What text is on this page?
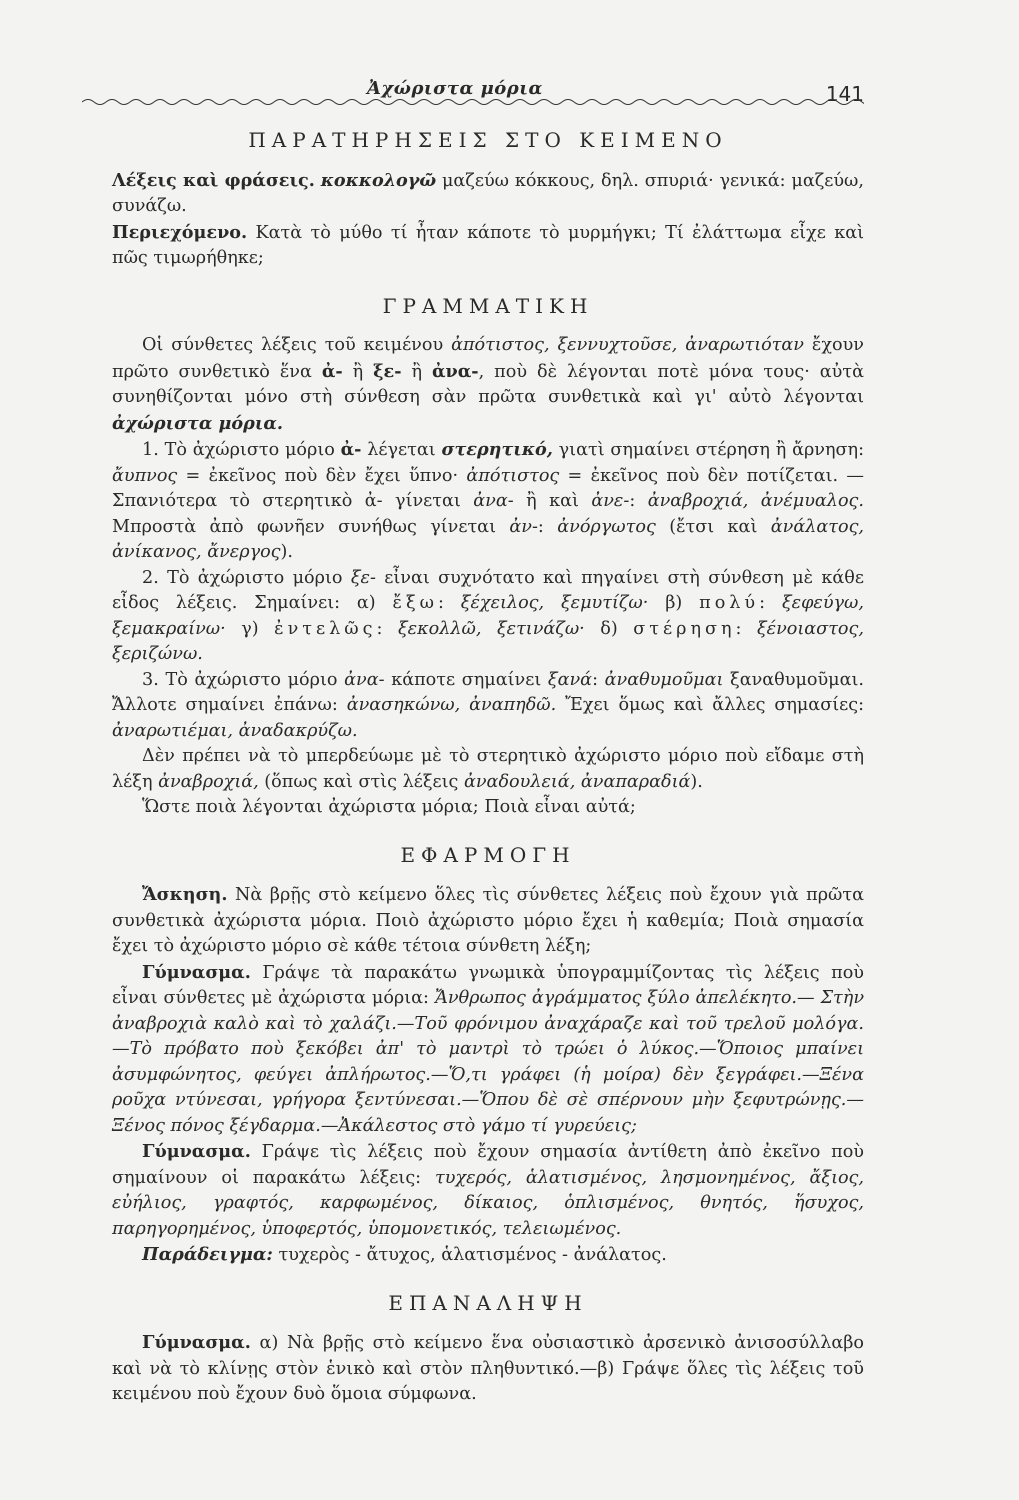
Ἀχώριστα μόρια	141
ΠΑΡΑΤΗΡΗΣΕΙΣ ΣΤΟ ΚΕΙΜΕΝΟ

Λέξεις καὶ φράσεις. κοκκολογῶ μαζεύω κόκκους, δηλ. σπυριά· γενικά: μαζεύω, συνάζω.

Περιεχόμενο. Κατὰ τὸ μύθο τί ἦταν κάποτε τὸ μυρμήγκι; Τί ἐλάττωμα εἶχε καὶ πῶς τιμωρήθηκε;

ΓΡΑΜΜΑΤΙΚΗ

Οἱ σύνθετες λέξεις τοῦ κειμένου ἀπότιστος, ξεννυχτοῦσε, ἀναρωτιόταν ἔχουν πρῶτο συνθετικὸ ἕνα ἀ- ἢ ξε- ἢ ἀνα-, ποὺ δὲ λέγονται ποτὲ μόνα τους· αὐτὰ συνηθίζονται μόνο στὴ σύνθεση σὰν πρῶτα συνθετικὰ καὶ γι' αὐτὸ λέγονται ἀχώριστα μόρια.

1. Τὸ ἀχώριστο μόριο ἀ- λέγεται στερητικό, γιατὶ σημαίνει στέρηση ἢ ἄρνηση: ἄυπνος = ἐκεῖνος ποὺ δὲν ἔχει ὕπνο· ἀπότιστος = ἐκεῖνος ποὺ δὲν ποτίζεται. — Σπανιότερα τὸ στερητικὸ ἀ- γίνεται ἀνα- ἢ καὶ ἀνε-: ἀναβροχιά, ἀνέμυαλος. Μπροστὰ ἀπὸ φωνῆεν συνήθως γίνεται ἀν-: ἀνόργωτος (ἔτσι καὶ ἀνάλατος, ἀνίκανος, ἄνεργος).

2. Τὸ ἀχώριστο μόριο ξε- εἶναι συχνότατο καὶ πηγαίνει στὴ σύνθεση μὲ κάθε εἶδος λέξεις. Σημαίνει: α) ἔξω: ξέχειλος, ξεμυτίζω· β) πολύ: ξεφεύγω, ξεμακραίνω· γ) ἐντελῶς: ξεκολλῶ, ξετινάζω· δ) στέρηση: ξένοιαστος, ξεριζώνω.

3. Τὸ ἀχώριστο μόριο ἀνα- κάποτε σημαίνει ξανά: ἀναθυμοῦμαι ξαναθυμοῦμαι. Ἄλλοτε σημαίνει ἐπάνω: ἀνασηκώνω, ἀναπηδῶ. Ἔχει ὅμως καὶ ἄλλες σημασίες: ἀναρωτιέμαι, ἀναδακρύζω.

Δὲν πρέπει νὰ τὸ μπερδεύωμε μὲ τὸ στερητικὸ ἀχώριστο μόριο ποὺ εἴδαμε στὴ λέξη ἀναβροχιά, (ὅπως καὶ στὶς λέξεις ἀναδουλειά, ἀναπαραδιά).

Ὥστε ποιὰ λέγονται ἀχώριστα μόρια; Ποιὰ εἶναι αὐτά;

ΕΦΑΡΜΟΓΗ

Ἄσκηση. Νὰ βρῇς στὸ κείμενο ὅλες τὶς σύνθετες λέξεις ποὺ ἔχουν γιὰ πρῶτα συνθετικὰ ἀχώριστα μόρια. Ποιὸ ἀχώριστο μόριο ἔχει ἡ καθεμία; Ποιὰ σημασία ἔχει τὸ ἀχώριστο μόριο σὲ κάθε τέτοια σύνθετη λέξη;

Γύμνασμα. Γράψε τὰ παρακάτω γνωμικὰ ὑπογραμμίζοντας τὶς λέξεις ποὺ εἶναι σύνθετες μὲ ἀχώριστα μόρια: Ἄνθρωπος ἀγράμματος ξύλο ἀπελέκητο.— Στὴν ἀναβροχιὰ καλὸ καὶ τὸ χαλάζι.—Τοῦ φρόνιμου ἀναχάραζε καὶ τοῦ τρελοῦ μολόγα.—Τὸ πρόβατο ποὺ ξεκόβει ἀπ' τὸ μαντρὶ τὸ τρώει ὁ λύκος.—Ὅποιος μπαίνει ἀσυμφώνητος, φεύγει ἀπλήρωτος.—Ὅ,τι γράφει (ἡ μοίρα) δὲν ξεγράφει.—Ξένα ροῦχα ντύνεσαι, γρήγορα ξεντύνεσαι.—Ὅπου δὲ σὲ σπέρνουν μὴν ξεφυτρώνῃς.—Ξένος πόνος ξέγδαρμα.—Ἀκάλεστος στὸ γάμο τί γυρεύεις;

Γύμνασμα. Γράψε τὶς λέξεις ποὺ ἔχουν σημασία ἀντίθετη ἀπὸ ἐκεῖνο ποὺ σημαίνουν οἱ παρακάτω λέξεις: τυχερός, ἁλατισμένος, λησμονημένος, ἄξιος, εὐήλιος, γραφτός, καρφωμένος, δίκαιος, ὁπλισμένος, θνητός, ἥσυχος, παρηγορημένος, ὑποφερτός, ὑπομονετικός, τελειωμένος.

Παράδειγμα: τυχερὸς - ἄτυχος, ἁλατισμένος - ἀνάλατος.

ΕΠΑΝΑΛΗΨΗ

Γύμνασμα. α) Νὰ βρῇς στὸ κείμενο ἕνα οὐσιαστικὸ ἀρσενικὸ ἀνισοσύλλαβο καὶ νὰ τὸ κλίνῃς στὸν ἑνικὸ καὶ στὸν πληθυντικό.—β) Γράψε ὅλες τὶς λέξεις τοῦ κειμένου ποὺ ἔχουν δυὸ ὅμοια σύμφωνα.
